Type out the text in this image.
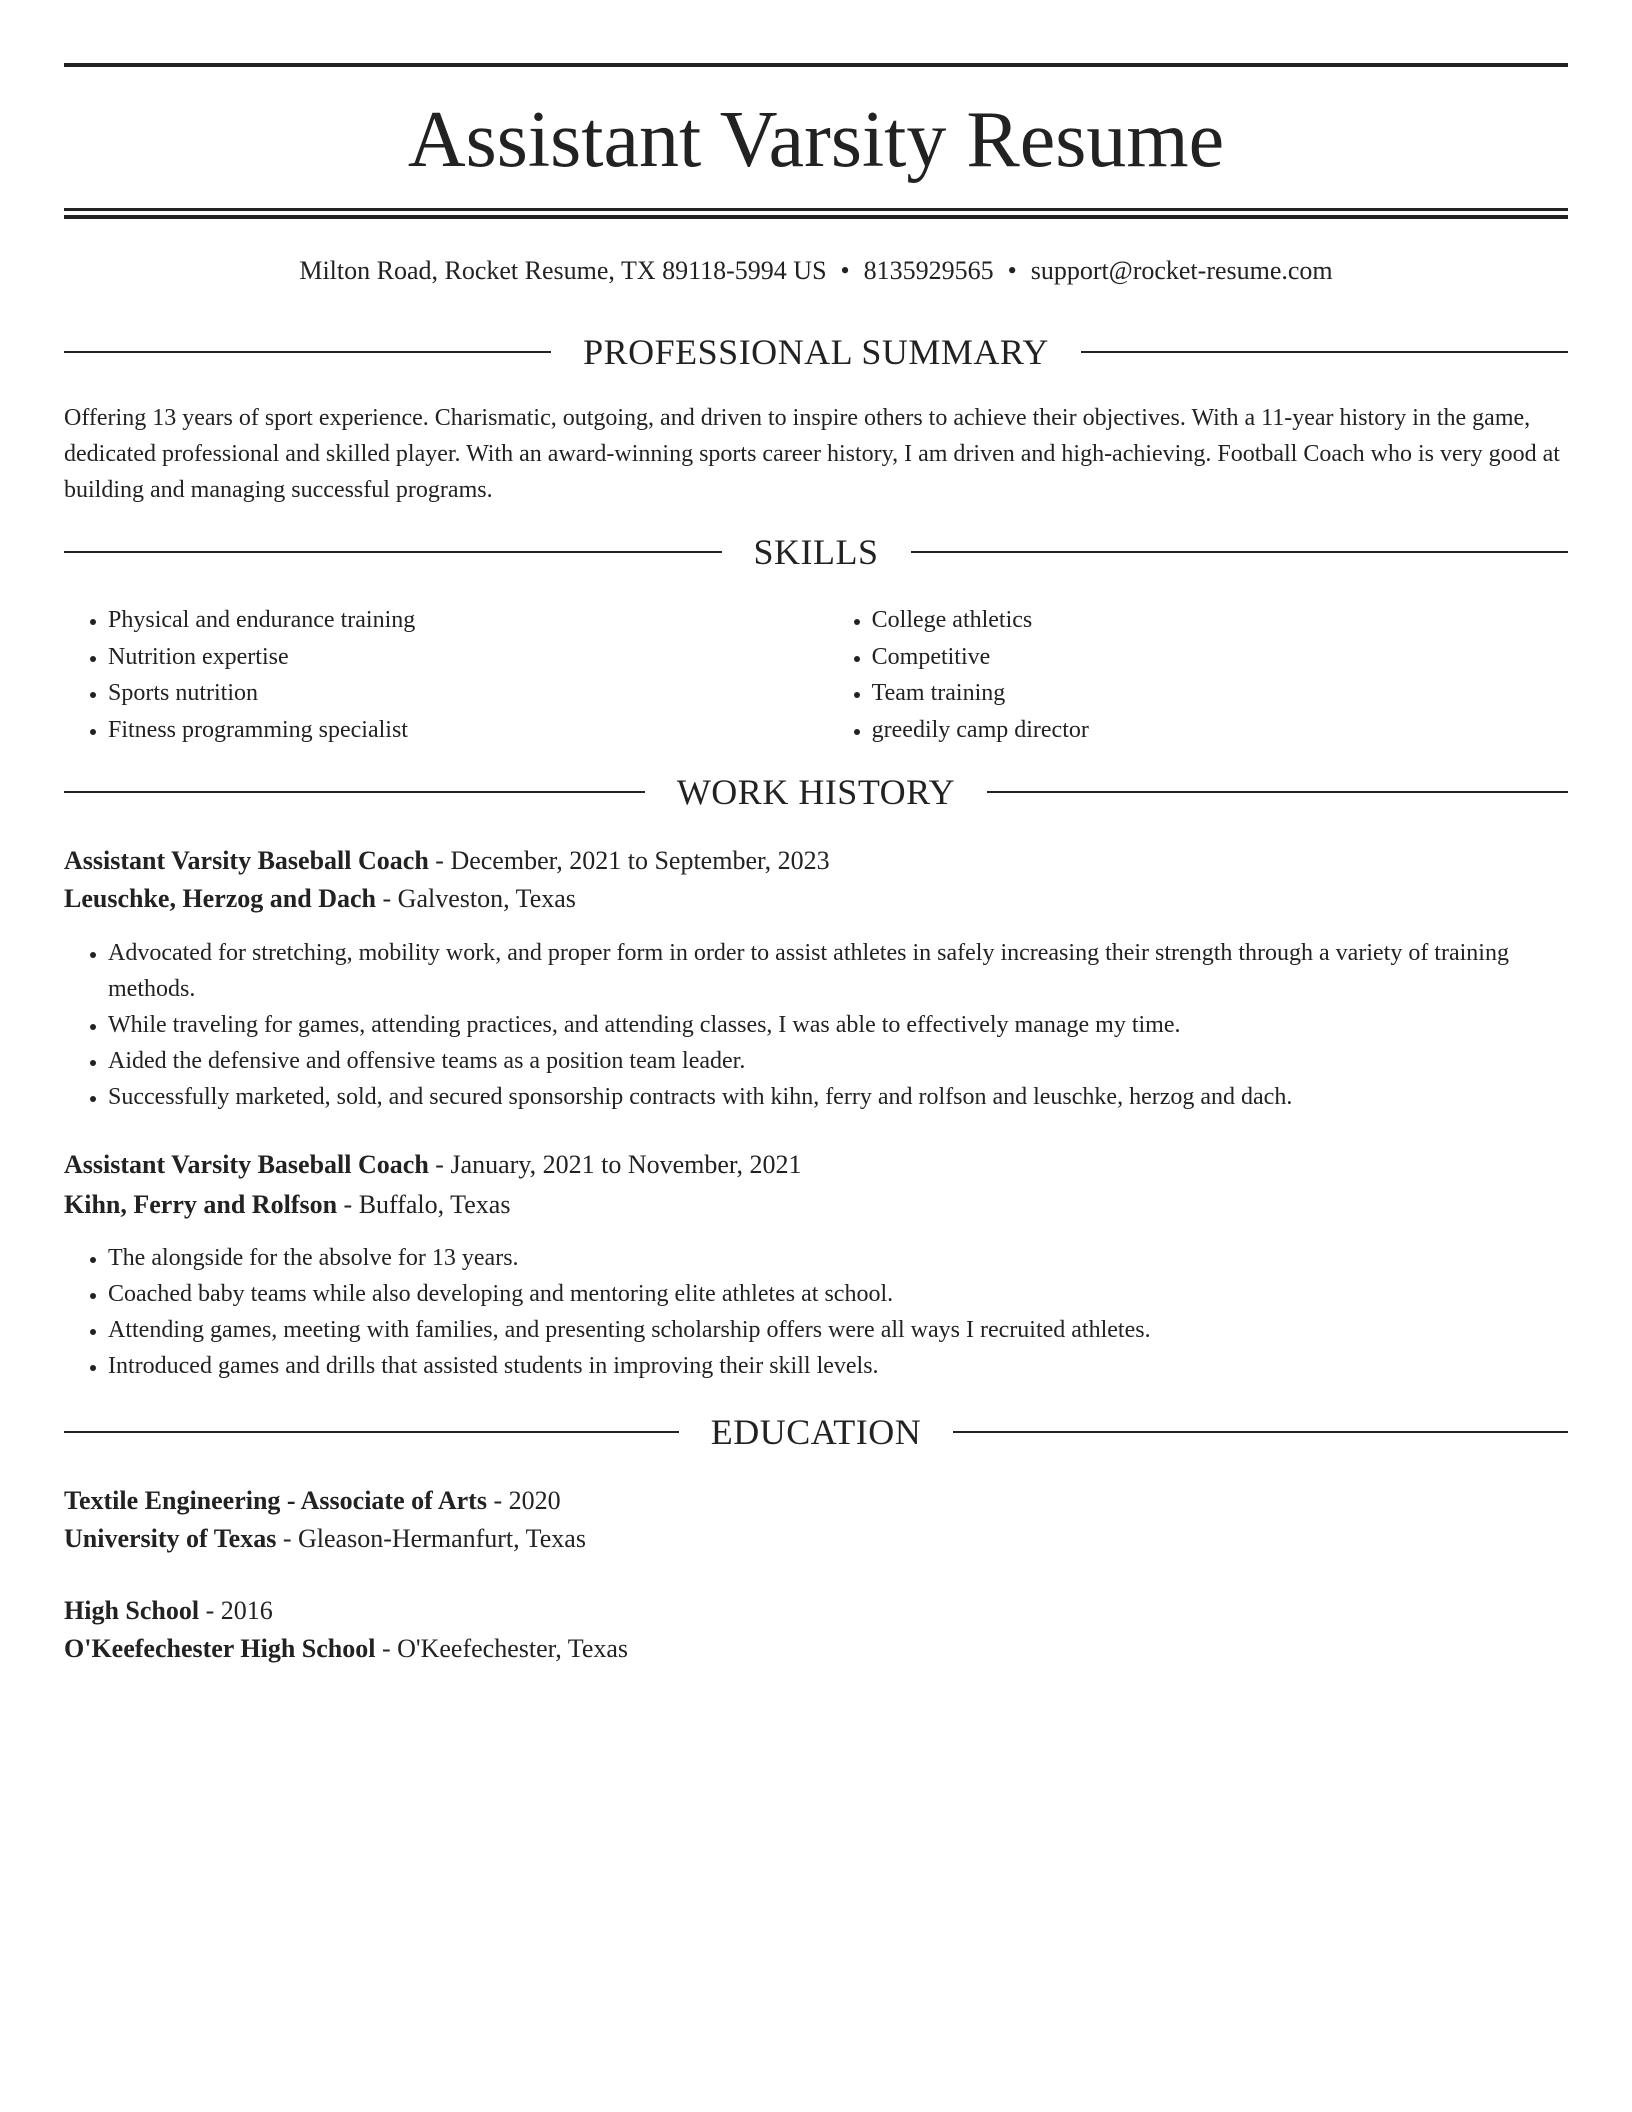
Assistant Varsity Resume
Milton Road, Rocket Resume, TX 89118-5994 US • 8135929565 • support@rocket-resume.com
PROFESSIONAL SUMMARY

Offering 13 years of sport experience. Charismatic, outgoing, and driven to inspire others to achieve their objectives. With a 11-year history in the game, dedicated professional and skilled player. With an award-winning sports career history, I am driven and high-achieving. Football Coach who is very good at building and managing successful programs.

SKILLS
• Physical and endurance training
• Nutrition expertise
• Sports nutrition
• Fitness programming specialist
• College athletics
• Competitive
• Team training
• greedily camp director
WORK HISTORY
Assistant Varsity Baseball Coach - December, 2021 to September, 2023
Leuschke, Herzog and Dach - Galveston, Texas
• Advocated for stretching, mobility work, and proper form in order to assist athletes in safely increasing their strength through a variety of training methods.
• While traveling for games, attending practices, and attending classes, I was able to effectively manage my time.
• Aided the defensive and offensive teams as a position team leader.
• Successfully marketed, sold, and secured sponsorship contracts with kihn, ferry and rolfson and leuschke, herzog and dach.
Assistant Varsity Baseball Coach - January, 2021 to November, 2021
Kihn, Ferry and Rolfson - Buffalo, Texas
• The alongside for the absolve for 13 years.
• Coached baby teams while also developing and mentoring elite athletes at school.
• Attending games, meeting with families, and presenting scholarship offers were all ways I recruited athletes.
• Introduced games and drills that assisted students in improving their skill levels.
EDUCATION
Textile Engineering - Associate of Arts - 2020
University of Texas - Gleason-Hermanfurt, Texas
High School - 2016
O'Keefechester High School - O'Keefechester, Texas
